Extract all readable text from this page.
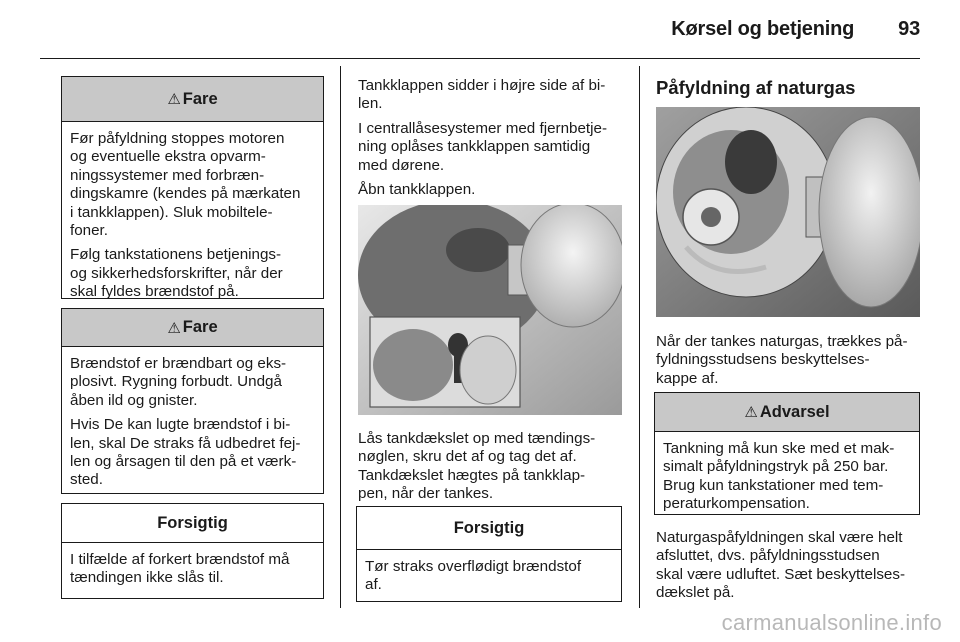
Kørsel og betjening 93
⚠ Fare

Før påfyldning stoppes motoren
og eventuelle ekstra opvarm-
ningssystemer med forbræn-
dingskamre (kendes på mærkaten
i tankklappen). Sluk mobiltele-
foner.

Følg tankstationens betjenings-
og sikkerhedsforskrifter, når der
skal fyldes brændstof på.

⚠ Fare

Brændstof er brændbart og eks-
plosivt. Rygning forbudt. Undgå
åben ild og gnister.

Hvis De kan lugte brændstof i bi-
len, skal De straks få udbedret fej-
len og årsagen til den på et værk-
sted.

Forsigtig

I tilfælde af forkert brændstof må
tændingen ikke slås til.

Tankklappen sidder i højre side af bi-
len.

I centrallåsesystemer med fjernbetje-
ning oplåses tankklappen samtidig
med dørene.

Åbn tankklappen.

Lås tankdækslet op med tændings-
nøglen, skru det af og tag det af.
Tankdækslet hægtes på tankklap-
pen, når der tankes.

Forsigtig

Tør straks overflødigt brændstof
af.

Påfyldning af naturgas

Når der tankes naturgas, trækkes på-
fyldningsstudsens beskyttelses-
kappe af.

⚠ Advarsel

Tankning må kun ske med et mak-
simalt påfyldningstryk på 250 bar.
Brug kun tankstationer med tem-
peraturkompensation.

Naturgaspåfyldningen skal være helt
afsluttet, dvs. påfyldningsstudsen
skal være udluftet. Sæt beskyttelses-
dækslet på.

carmanualsonline.info
